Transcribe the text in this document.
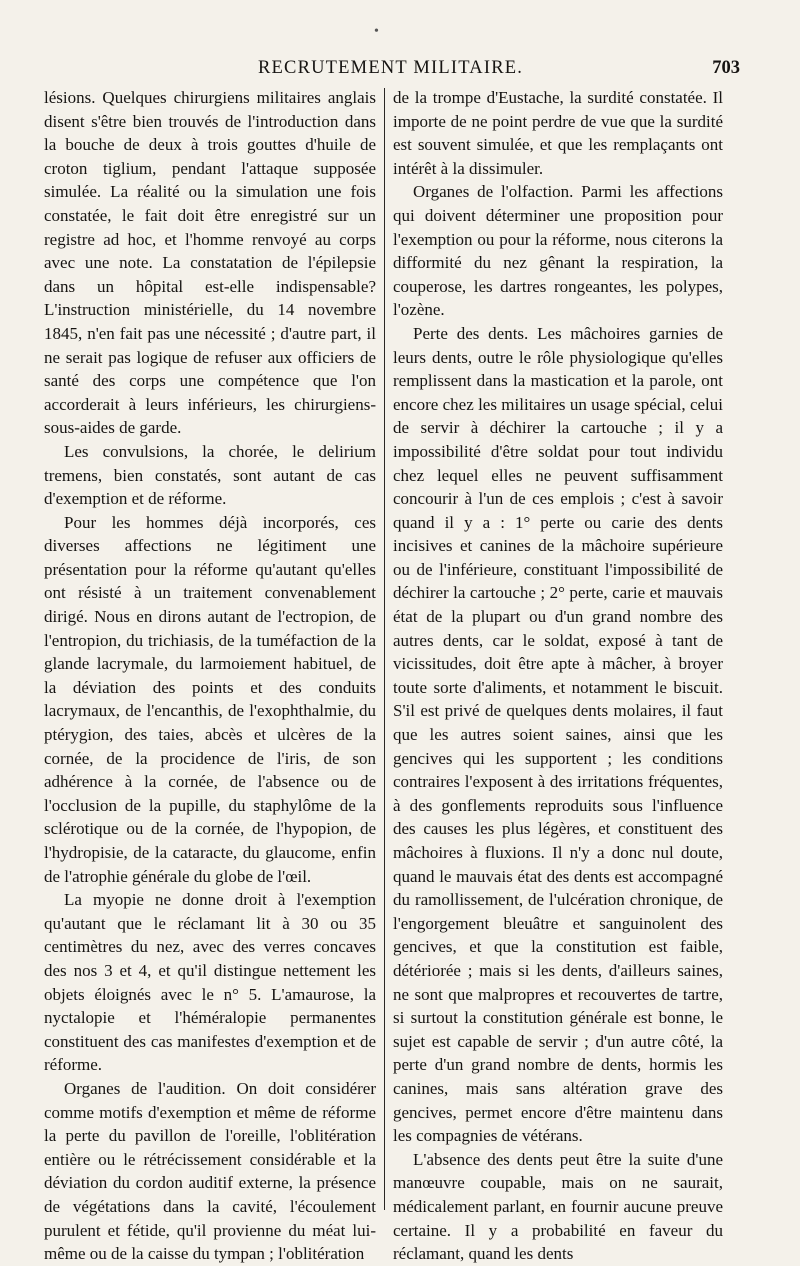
•
RECRUTEMENT MILITAIRE.	703

lésions. Quelques chirurgiens militaires anglais disent s'être bien trouvés de l'introduction dans la bouche de deux à trois gouttes d'huile de croton tiglium, pendant l'attaque supposée simulée. La réalité ou la simulation une fois constatée, le fait doit être enregistré sur un registre ad hoc, et l'homme renvoyé au corps avec une note. La constatation de l'épilepsie dans un hôpital est-elle indispensable? L'instruction ministérielle, du 14 novembre 1845, n'en fait pas une nécessité ; d'autre part, il ne serait pas logique de refuser aux officiers de santé des corps une compétence que l'on accorderait à leurs inférieurs, les chirurgiens-sous-aides de garde.

Les convulsions, la chorée, le delirium tremens, bien constatés, sont autant de cas d'exemption et de réforme.

Pour les hommes déjà incorporés, ces diverses affections ne légitiment une présentation pour la réforme qu'autant qu'elles ont résisté à un traitement convenablement dirigé. Nous en dirons autant de l'ectropion, de l'entropion, du trichiasis, de la tuméfaction de la glande lacrymale, du larmoiement habituel, de la déviation des points et des conduits lacrymaux, de l'encanthis, de l'exophthalmie, du ptérygion, des taies, abcès et ulcères de la cornée, de la procidence de l'iris, de son adhérence à la cornée, de l'absence ou de l'occlusion de la pupille, du staphylôme de la sclérotique ou de la cornée, de l'hypopion, de l'hydropisie, de la cataracte, du glaucome, enfin de l'atrophie générale du globe de l'œil.

La myopie ne donne droit à l'exemption qu'autant que le réclamant lit à 30 ou 35 centimètres du nez, avec des verres concaves des nos 3 et 4, et qu'il distingue nettement les objets éloignés avec le n° 5. L'amaurose, la nyctalopie et l'héméralopie permanentes constituent des cas manifestes d'exemption et de réforme.

Organes de l'audition. On doit considérer comme motifs d'exemption et même de réforme la perte du pavillon de l'oreille, l'oblitération entière ou le rétrécissement considérable et la déviation du cordon auditif externe, la présence de végétations dans la cavité, l'écoulement purulent et fétide, qu'il provienne du méat lui-même ou de la caisse du tympan ; l'oblitération

de la trompe d'Eustache, la surdité constatée. Il importe de ne point perdre de vue que la surdité est souvent simulée, et que les remplaçants ont intérêt à la dissimuler.

Organes de l'olfaction. Parmi les affections qui doivent déterminer une proposition pour l'exemption ou pour la réforme, nous citerons la difformité du nez gênant la respiration, la couperose, les dartres rongeantes, les polypes, l'ozène.

Perte des dents. Les mâchoires garnies de leurs dents, outre le rôle physiologique qu'elles remplissent dans la mastication et la parole, ont encore chez les militaires un usage spécial, celui de servir à déchirer la cartouche ; il y a impossibilité d'être soldat pour tout individu chez lequel elles ne peuvent suffisamment concourir à l'un de ces emplois ; c'est à savoir quand il y a : 1° perte ou carie des dents incisives et canines de la mâchoire supérieure ou de l'inférieure, constituant l'impossibilité de déchirer la cartouche ; 2° perte, carie et mauvais état de la plupart ou d'un grand nombre des autres dents, car le soldat, exposé à tant de vicissitudes, doit être apte à mâcher, à broyer toute sorte d'aliments, et notamment le biscuit. S'il est privé de quelques dents molaires, il faut que les autres soient saines, ainsi que les gencives qui les supportent ; les conditions contraires l'exposent à des irritations fréquentes, à des gonflements reproduits sous l'influence des causes les plus légères, et constituent des mâchoires à fluxions. Il n'y a donc nul doute, quand le mauvais état des dents est accompagné du ramollissement, de l'ulcération chronique, de l'engorgement bleuâtre et sanguinolent des gencives, et que la constitution est faible, détériorée ; mais si les dents, d'ailleurs saines, ne sont que malpropres et recouvertes de tartre, si surtout la constitution générale est bonne, le sujet est capable de servir ; d'un autre côté, la perte d'un grand nombre de dents, hormis les canines, mais sans altération grave des gencives, permet encore d'être maintenu dans les compagnies de vétérans.

L'absence des dents peut être la suite d'une manœuvre coupable, mais on ne saurait, médicalement parlant, en fournir aucune preuve certaine. Il y a probabilité en faveur du réclamant, quand les dents
